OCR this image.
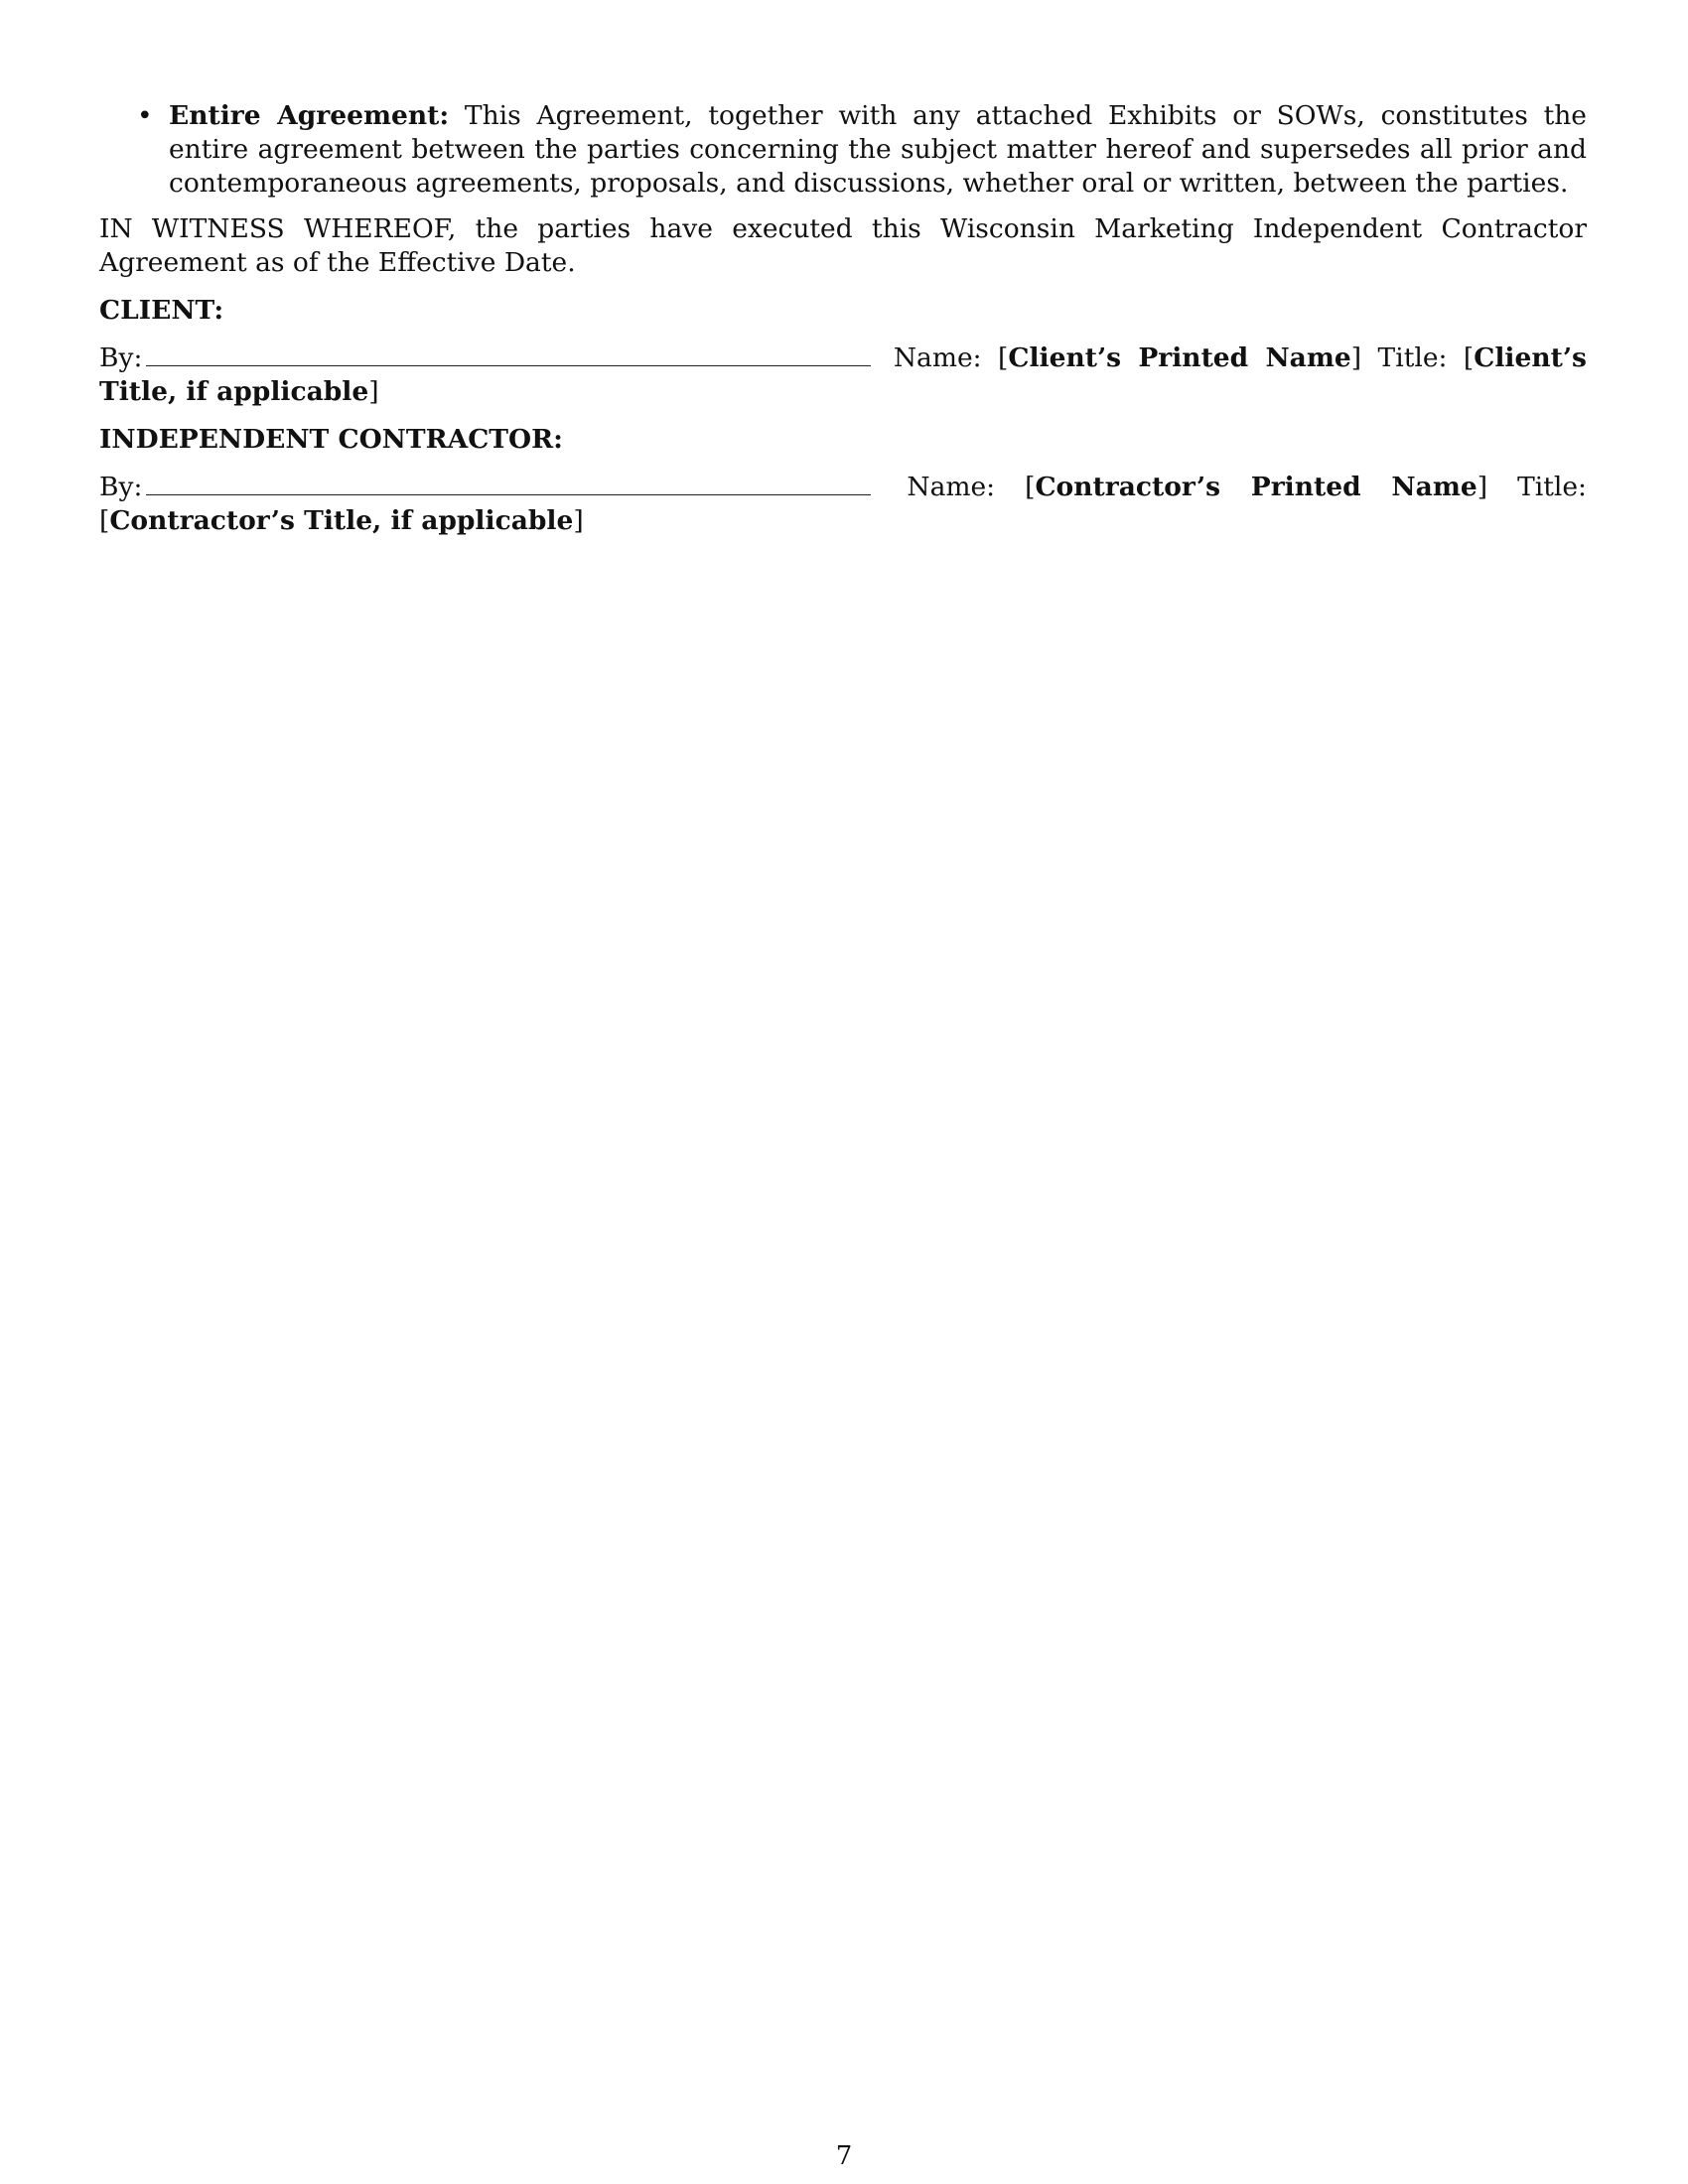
• Entire Agreement: This Agreement, together with any attached Exhibits or SOWs, constitutes the entire agreement between the parties concerning the subject matter hereof and supersedes all prior and contemporaneous agreements, proposals, and discussions, whether oral or written, between the parties.

IN WITNESS WHEREOF, the parties have executed this Wisconsin Marketing Independent Contractor Agreement as of the Effective Date.

CLIENT:
By:	Name: [Client’s Printed Name] Title: [Client’s Title, if applicable]
INDEPENDENT CONTRACTOR:
By:	Name: [Contractor’s Printed Name] Title: [Contractor’s Title, if applicable]
7
